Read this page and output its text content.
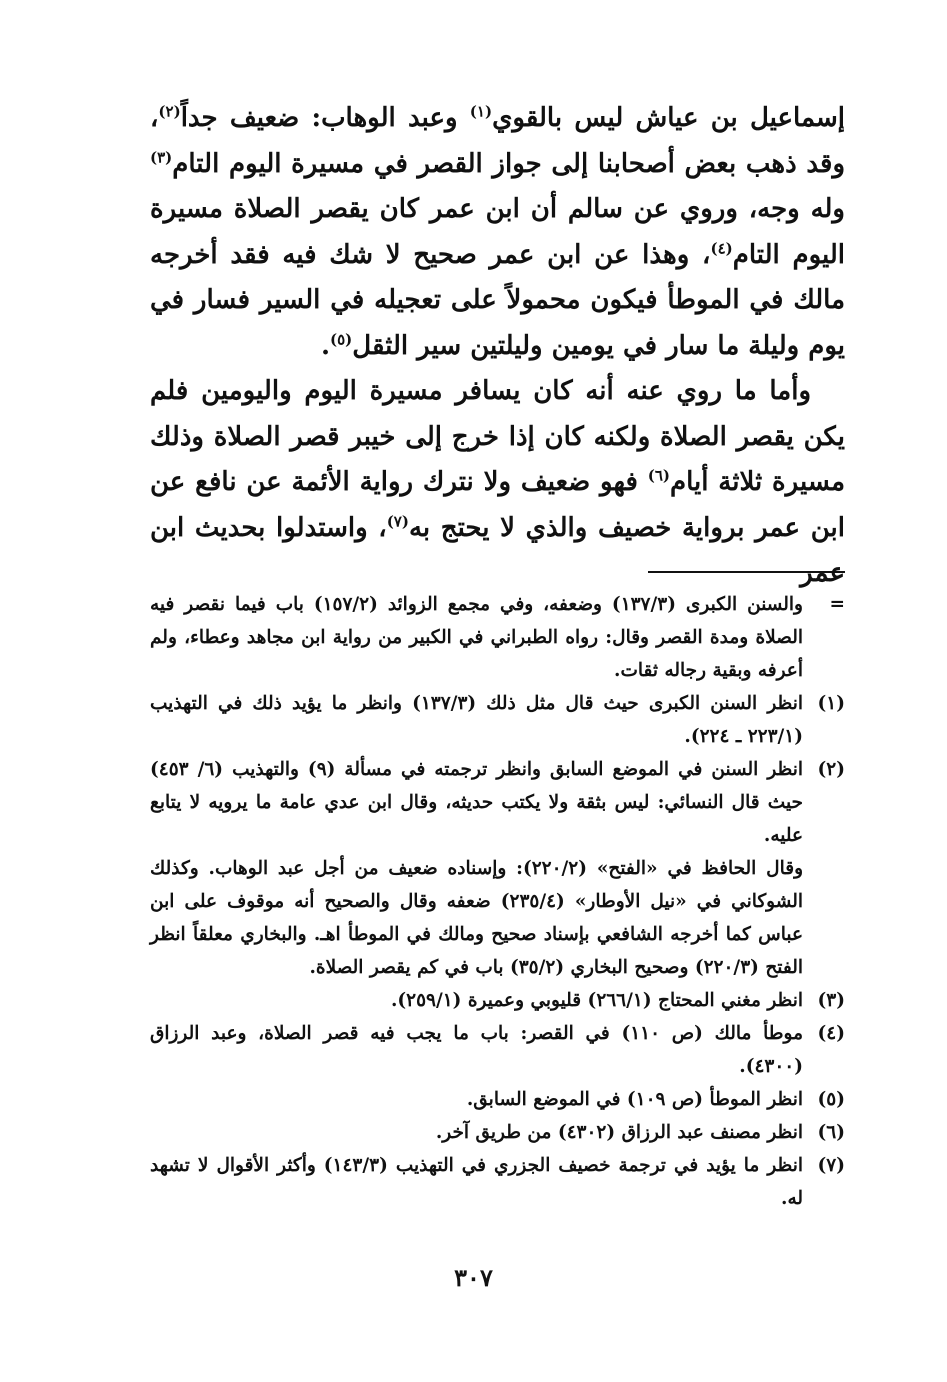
إسماعيل بن عياش ليس بالقوي$^{(١)}$ وعبد الوهاب: ضعيف جداً$^{(٢)}$، وقد ذهب بعض أصحابنا إلى جواز القصر في مسيرة اليوم التام$^{(٣)}$ وله وجه، وروي عن سالم أن ابن عمر كان يقصر الصلاة مسيرة اليوم التام$^{(٤)}$، وهذا عن ابن عمر صحيح لا شك فيه فقد أخرجه مالك في الموطأ فيكون محمولاً على تعجيله في السير فسار في يوم وليلة ما سار في يومين وليلتين سير الثقل$^{(٥)}$.

وأما ما روي عنه أنه كان يسافر مسيرة اليوم واليومين فلم يكن يقصر الصلاة ولكنه كان إذا خرج إلى خيبر قصر الصلاة وذلك مسيرة ثلاثة أيام$^{(٦)}$ فهو ضعيف ولا نترك رواية الأئمة عن نافع عن ابن عمر برواية خصيف والذي لا يحتج به$^{(٧)}$، واستدلوا بحديث ابن عمر

=

والسنن الكبرى (١٣٧/٣) وضعفه، وفي مجمع الزوائد (١٥٧/٢) باب فيما نقصر فيه الصلاة ومدة القصر وقال: رواه الطبراني في الكبير من رواية ابن مجاهد وعطاء، ولم أعرفه وبقية رجاله ثقات.

(١)

انظر السنن الكبرى حيث قال مثل ذلك (١٣٧/٣) وانظر ما يؤيد ذلك في التهذيب (٢٢٣/١ ـ ٢٢٤).

(٢)

انظر السنن في الموضع السابق وانظر ترجمته في مسألة (٩) والتهذيب (٦/ ٤٥٣) حيث قال النسائي: ليس بثقة ولا يكتب حديثه، وقال ابن عدي عامة ما يرويه لا يتابع عليه.

وقال الحافظ في «الفتح» (٢٢٠/٢): وإسناده ضعيف من أجل عبد الوهاب. وكذلك الشوكاني في «نيل الأوطار» (٢٣٥/٤) ضعفه وقال والصحيح أنه موقوف على ابن عباس كما أخرجه الشافعي بإسناد صحيح ومالك في الموطأ اهـ. والبخاري معلقاً انظر الفتح (٢٢٠/٣) وصحيح البخاري (٣٥/٢) باب في كم يقصر الصلاة.

(٣)

انظر مغني المحتاج (٢٦٦/١) قليوبي وعميرة (٢٥٩/١).

(٤)

موطأ مالك (ص ١١٠) في القصر: باب ما يجب فيه قصر الصلاة، وعبد الرزاق (٤٣٠٠).

(٥)

انظر الموطأ (ص ١٠٩) في الموضع السابق.

(٦)

انظر مصنف عبد الرزاق (٤٣٠٢) من طريق آخر.

(٧)

انظر ما يؤيد في ترجمة خصيف الجزري في التهذيب (١٤٣/٣) وأكثر الأقوال لا تشهد له.

٣٠٧
